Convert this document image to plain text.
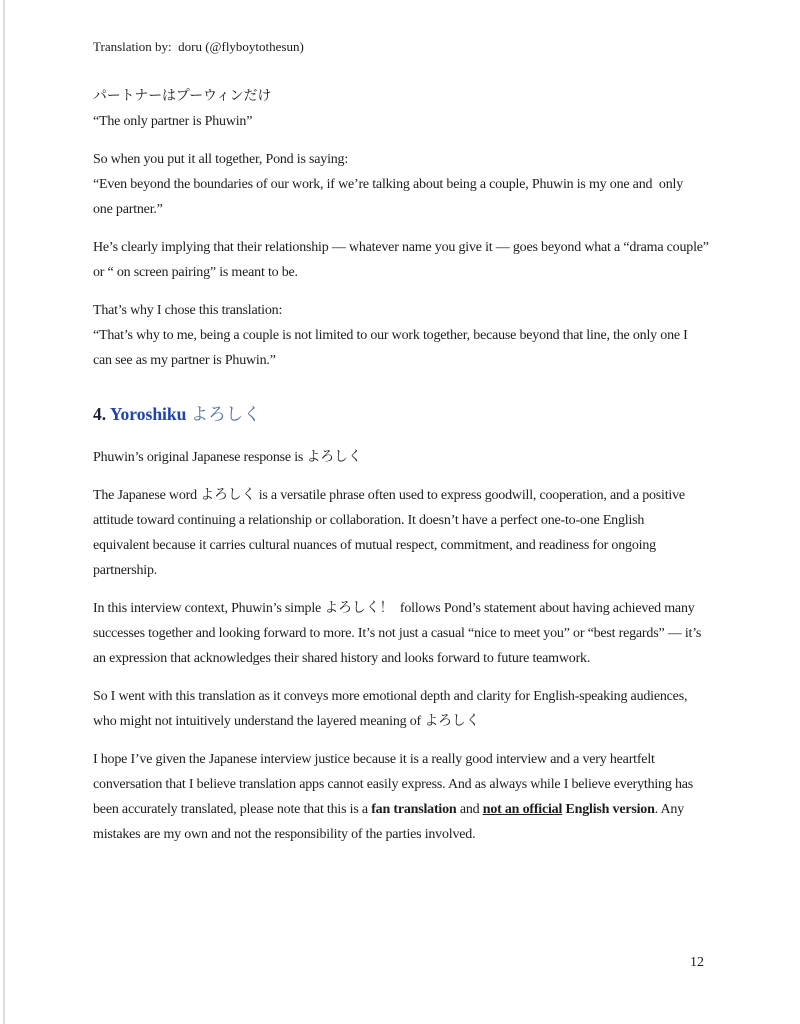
Translation by:  doru (@flyboytothesun)
パートナーはプーウィンだけ
“The only partner is Phuwin”
So when you put it all together, Pond is saying:
“Even beyond the boundaries of our work, if we’re talking about being a couple, Phuwin is my one and  only
one partner.”
He’s clearly implying that their relationship — whatever name you give it — goes beyond what a “drama couple”
or “ on screen pairing” is meant to be.
That’s why I chose this translation:
“That’s why to me, being a couple is not limited to our work together, because beyond that line, the only one I
can see as my partner is Phuwin.”
4. Yoroshiku よろしく
Phuwin’s original Japanese response is よろしく
The Japanese word よろしく is a versatile phrase often used to express goodwill, cooperation, and a positive
attitude toward continuing a relationship or collaboration. It doesn’t have a perfect one-to-one English
equivalent because it carries cultural nuances of mutual respect, commitment, and readiness for ongoing
partnership.
In this interview context, Phuwin’s simple よろしく！  follows Pond’s statement about having achieved many
successes together and looking forward to more. It’s not just a casual “nice to meet you” or “best regards” — it’s
an expression that acknowledges their shared history and looks forward to future teamwork.
So I went with this translation as it conveys more emotional depth and clarity for English-speaking audiences,
who might not intuitively understand the layered meaning of よろしく
I hope I’ve given the Japanese interview justice because it is a really good interview and a very heartfelt
conversation that I believe translation apps cannot easily express. And as always while I believe everything has
been accurately translated, please note that this is a fan translation and not an official English version. Any
mistakes are my own and not the responsibility of the parties involved.
12
